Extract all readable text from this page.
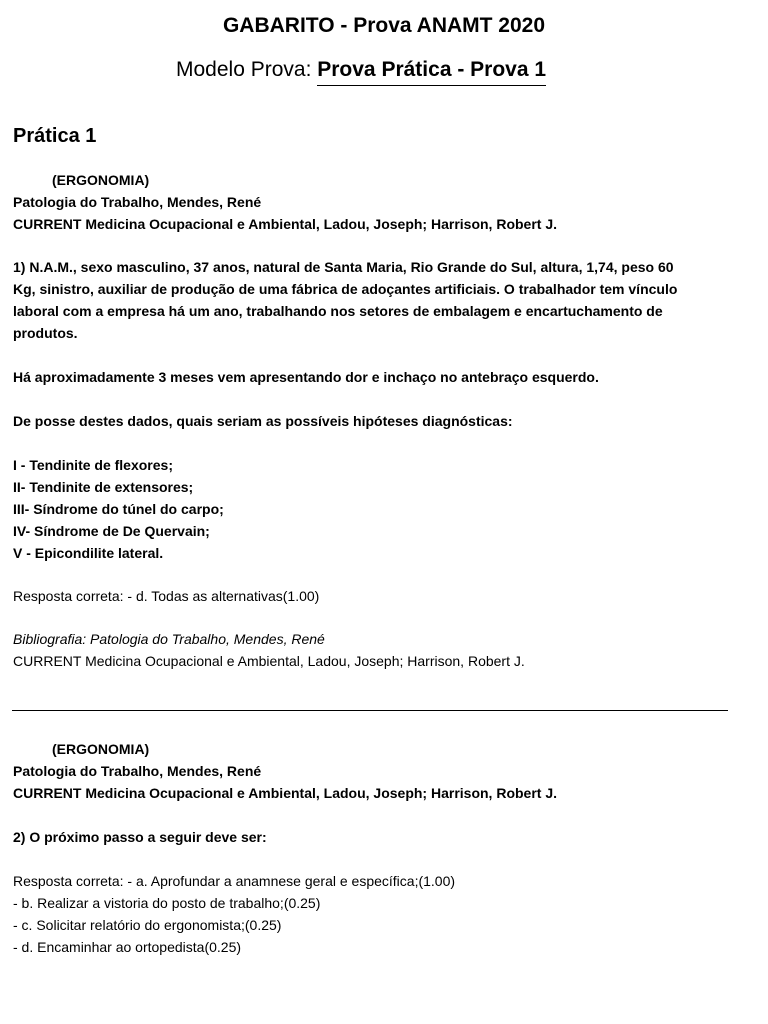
GABARITO - Prova ANAMT 2020
Modelo Prova: Prova Prática - Prova 1
Prática 1
(ERGONOMIA)
Patologia do Trabalho, Mendes, René
CURRENT Medicina Ocupacional e Ambiental, Ladou, Joseph; Harrison, Robert J.
1) N.A.M., sexo masculino, 37 anos, natural de Santa Maria, Rio Grande do Sul, altura, 1,74, peso 60
Kg, sinistro, auxiliar de produção de uma fábrica de adoçantes artificiais. O trabalhador tem vínculo
laboral com a empresa há um ano, trabalhando nos setores de embalagem e encartuchamento de
produtos.
Há aproximadamente 3 meses vem apresentando dor e inchaço no antebraço esquerdo.
De posse destes dados, quais seriam as possíveis hipóteses diagnósticas:
I - Tendinite de flexores;
II- Tendinite de extensores;
III- Síndrome do túnel do carpo;
IV- Síndrome de De Quervain;
V - Epicondilite lateral.
Resposta correta: - d. Todas as alternativas(1.00)
Bibliografia: Patologia do Trabalho, Mendes, René
CURRENT Medicina Ocupacional e Ambiental, Ladou, Joseph; Harrison, Robert J.
(ERGONOMIA)
Patologia do Trabalho, Mendes, René
CURRENT Medicina Ocupacional e Ambiental, Ladou, Joseph; Harrison, Robert J.
2) O próximo passo a seguir deve ser:
Resposta correta: - a. Aprofundar a anamnese geral e específica;(1.00)
- b. Realizar a vistoria do posto de trabalho;(0.25)
- c. Solicitar relatório do ergonomista;(0.25)
- d. Encaminhar ao ortopedista(0.25)
